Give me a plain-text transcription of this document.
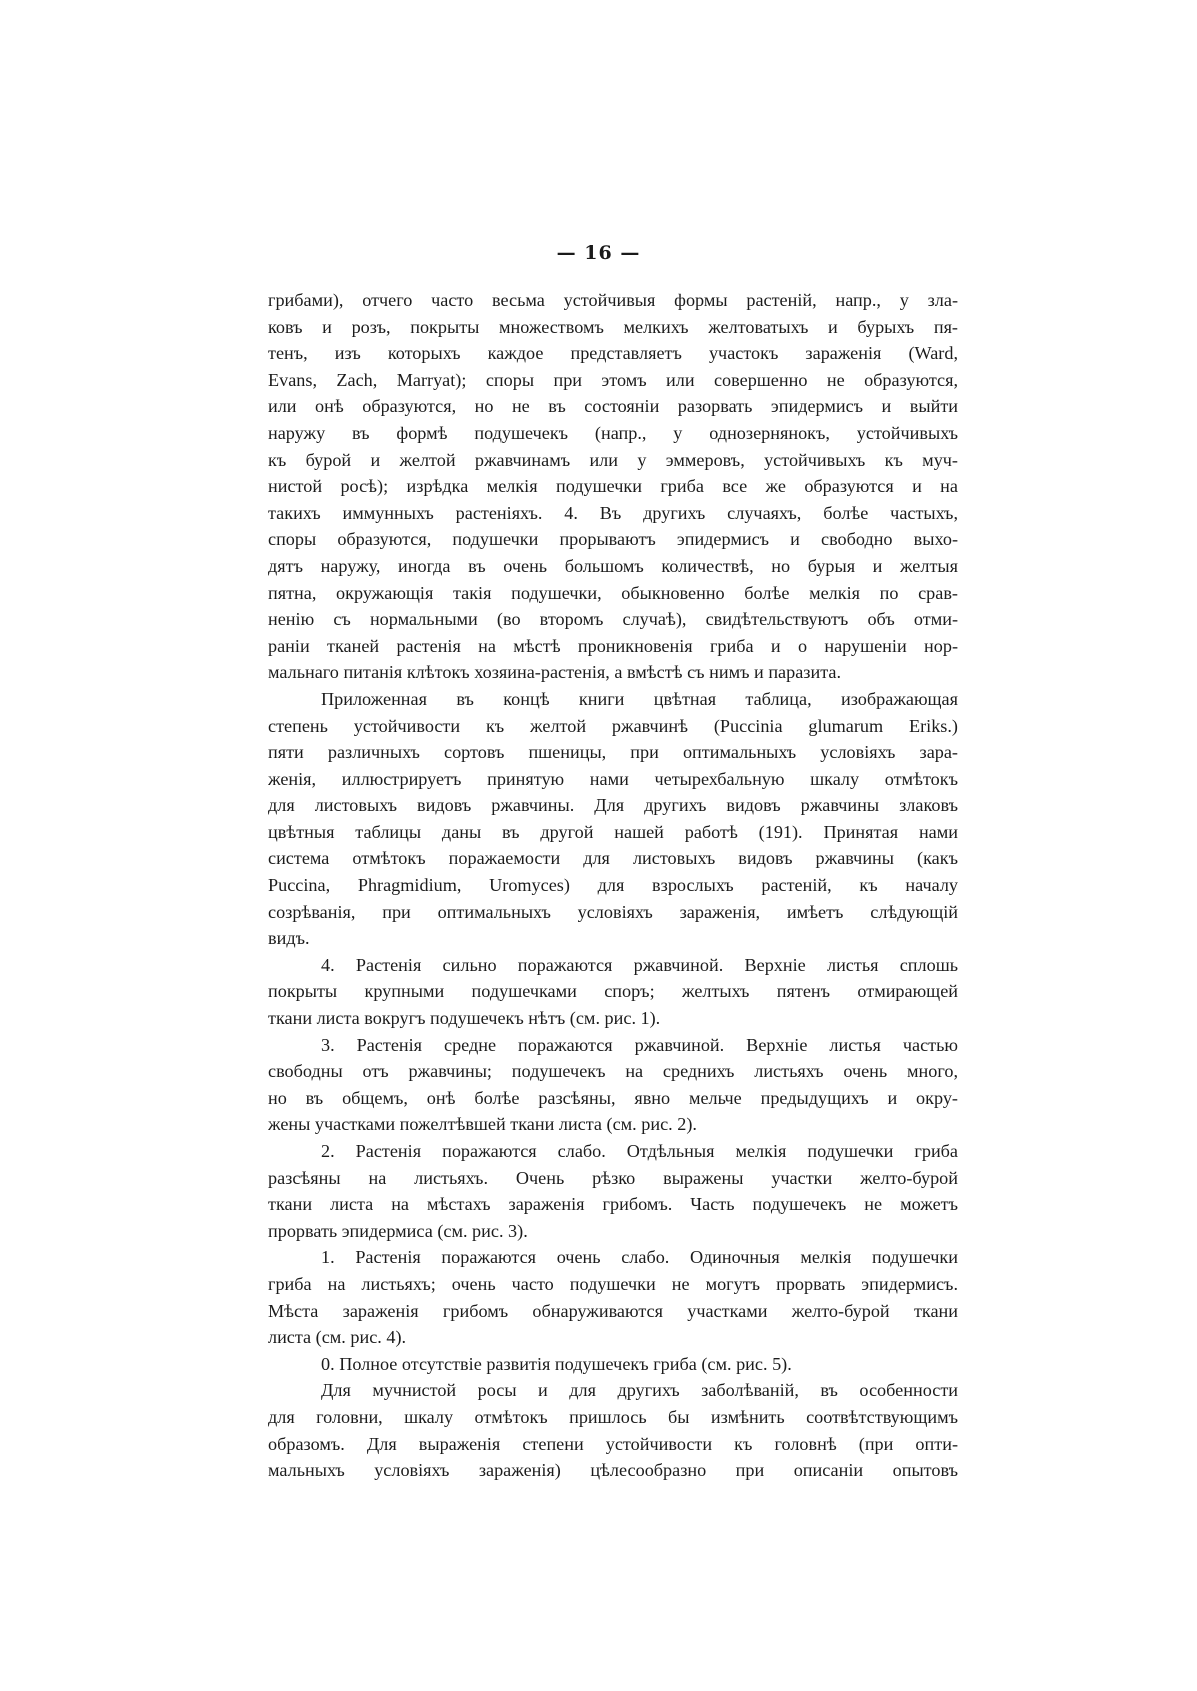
— 16 —
грибами), отчего часто весьма устойчивыя формы растеній, напр., у зла-
ковъ и розъ, покрыты множествомъ мелкихъ желтоватыхъ и бурыхъ пя-
тенъ, изъ которыхъ каждое представляетъ участокъ зараженія (Ward,
Evans, Zach, Marryat); споры при этомъ или совершенно не образуются,
или онѣ образуются, но не въ состояніи разорвать эпидермисъ и выйти
наружу въ формѣ подушечекъ (напр., у однозернянокъ, устойчивыхъ
къ бурой и желтой ржавчинамъ или у эммеровъ, устойчивыхъ къ муч-
нистой росѣ); изрѣдка мелкія подушечки гриба все же образуются и на
такихъ иммунныхъ растеніяхъ. 4. Въ другихъ случаяхъ, болѣе частыхъ,
споры образуются, подушечки прорываютъ эпидермисъ и свободно выхо-
дятъ наружу, иногда въ очень большомъ количествѣ, но бурыя и желтыя
пятна, окружающія такія подушечки, обыкновенно болѣе мелкія по срав-
ненію съ нормальными (во второмъ случаѣ), свидѣтельствуютъ объ отми-
раніи тканей растенія на мѣстѣ проникновенія гриба и о нарушеніи нор-
мальнаго питанія клѣтокъ хозяина-растенія, а вмѣстѣ съ нимъ и паразита.
Приложенная въ концѣ книги цвѣтная таблица, изображающая
степень устойчивости къ желтой ржавчинѣ (Puccinia glumarum Eriks.)
пяти различныхъ сортовъ пшеницы, при оптимальныхъ условіяхъ зара-
женія, иллюстрируетъ принятую нами четырехбальную шкалу отмѣтокъ
для листовыхъ видовъ ржавчины. Для другихъ видовъ ржавчины злаковъ
цвѣтныя таблицы даны въ другой нашей работѣ (191). Принятая нами
система отмѣтокъ поражаемости для листовыхъ видовъ ржавчины (какъ
Puccina, Phragmidium, Uromyces) для взрослыхъ растеній, къ началу
созрѣванія, при оптимальныхъ условіяхъ зараженія, имѣетъ слѣдующій
видъ.
4. Растенія сильно поражаются ржавчиной. Верхніе листья сплошь
покрыты крупными подушечками споръ; желтыхъ пятенъ отмирающей
ткани листа вокругъ подушечекъ нѣтъ (см. рис. 1).
3. Растенія средне поражаются ржавчиной. Верхніе листья частью
свободны отъ ржавчины; подушечекъ на среднихъ листьяхъ очень много,
но въ общемъ, онѣ болѣе разсѣяны, явно мельче предыдущихъ и окру-
жены участками пожелтѣвшей ткани листа (см. рис. 2).
2. Растенія поражаются слабо. Отдѣльныя мелкія подушечки гриба
разсѣяны на листьяхъ. Очень рѣзко выражены участки желто-бурой
ткани листа на мѣстахъ зараженія грибомъ. Часть подушечекъ не можетъ
прорвать эпидермиса (см. рис. 3).
1. Растенія поражаются очень слабо. Одиночныя мелкія подушечки
гриба на листьяхъ; очень часто подушечки не могутъ прорвать эпидермисъ.
Мѣста зараженія грибомъ обнаруживаются участками желто-бурой ткани
листа (см. рис. 4).
0. Полное отсутствіе развитія подушечекъ гриба (см. рис. 5).
Для мучнистой росы и для другихъ заболѣваній, въ особенности
для головни, шкалу отмѣтокъ пришлось бы измѣнить соотвѣтствующимъ
образомъ. Для выраженія степени устойчивости къ головнѣ (при опти-
мальныхъ условіяхъ зараженія) цѣлесообразно при описаніи опытовъ
